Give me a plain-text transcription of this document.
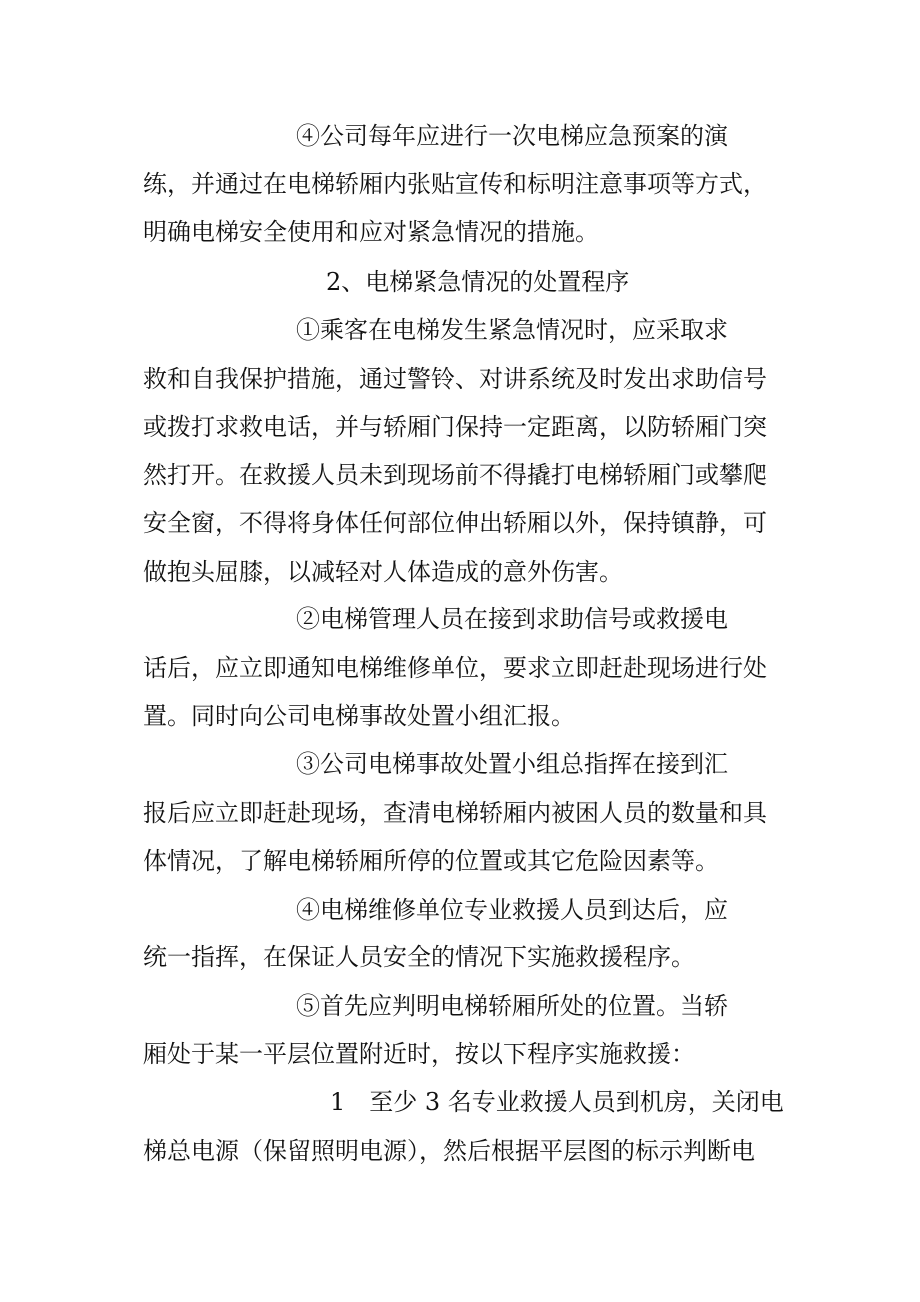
④公司每年应进行一次电梯应急预案的演
练，并通过在电梯轿厢内张贴宣传和标明注意事项等方式，
明确电梯安全使用和应对紧急情况的措施。
2、电梯紧急情况的处置程序
①乘客在电梯发生紧急情况时，应采取求
救和自我保护措施，通过警铃、对讲系统及时发出求助信号
或拨打求救电话，并与轿厢门保持一定距离，以防轿厢门突
然打开。在救援人员未到现场前不得撬打电梯轿厢门或攀爬
安全窗，不得将身体任何部位伸出轿厢以外，保持镇静，可
做抱头屈膝，以减轻对人体造成的意外伤害。
②电梯管理人员在接到求助信号或救援电
话后，应立即通知电梯维修单位，要求立即赶赴现场进行处
置。同时向公司电梯事故处置小组汇报。
③公司电梯事故处置小组总指挥在接到汇
报后应立即赶赴现场，查清电梯轿厢内被困人员的数量和具
体情况，了解电梯轿厢所停的位置或其它危险因素等。
④电梯维修单位专业救援人员到达后，应
统一指挥，在保证人员安全的情况下实施救援程序。
⑤首先应判明电梯轿厢所处的位置。当轿
厢处于某一平层位置附近时，按以下程序实施救援：
1　至少 3 名专业救援人员到机房，关闭电
梯总电源（保留照明电源），然后根据平层图的标示判断电
